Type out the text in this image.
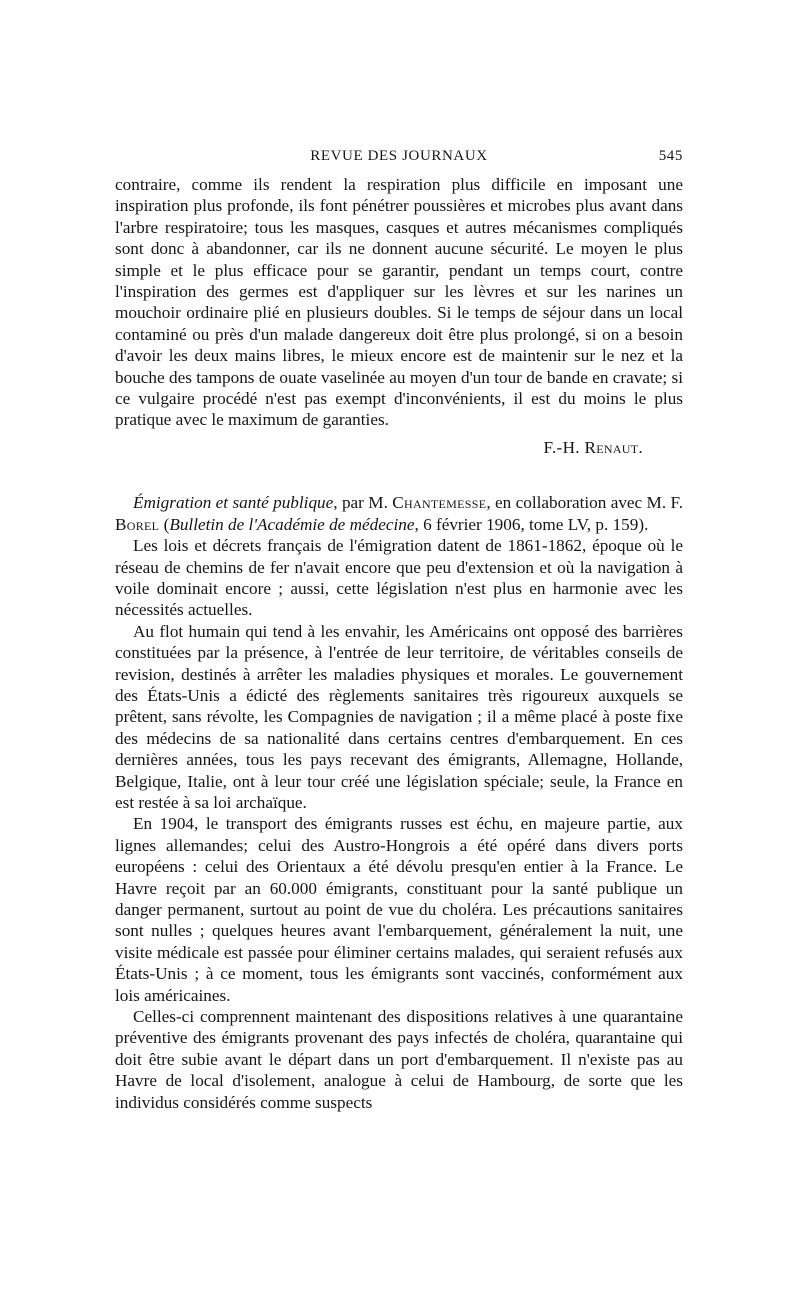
REVUE DES JOURNAUX	545

contraire, comme ils rendent la respiration plus difficile en imposant une inspiration plus profonde, ils font pénétrer poussières et microbes plus avant dans l'arbre respiratoire; tous les masques, casques et autres mécanismes compliqués sont donc à abandonner, car ils ne donnent aucune sécurité. Le moyen le plus simple et le plus efficace pour se garantir, pendant un temps court, contre l'inspiration des germes est d'appliquer sur les lèvres et sur les narines un mouchoir ordinaire plié en plusieurs doubles. Si le temps de séjour dans un local contaminé ou près d'un malade dangereux doit être plus prolongé, si on a besoin d'avoir les deux mains libres, le mieux encore est de maintenir sur le nez et la bouche des tampons de ouate vaselinée au moyen d'un tour de bande en cravate; si ce vulgaire procédé n'est pas exempt d'inconvénients, il est du moins le plus pratique avec le maximum de garanties.

F.-H. Renaut.

Émigration et santé publique, par M. Chantemesse, en collaboration avec M. F. Borel (Bulletin de l'Académie de médecine, 6 février 1906, tome LV, p. 159).

Les lois et décrets français de l'émigration datent de 1861-1862, époque où le réseau de chemins de fer n'avait encore que peu d'extension et où la navigation à voile dominait encore ; aussi, cette législation n'est plus en harmonie avec les nécessités actuelles.

Au flot humain qui tend à les envahir, les Américains ont opposé des barrières constituées par la présence, à l'entrée de leur territoire, de véritables conseils de revision, destinés à arrêter les maladies physiques et morales. Le gouvernement des États-Unis a édicté des règlements sanitaires très rigoureux auxquels se prêtent, sans révolte, les Compagnies de navigation ; il a même placé à poste fixe des médecins de sa nationalité dans certains centres d'embarquement. En ces dernières années, tous les pays recevant des émigrants, Allemagne, Hollande, Belgique, Italie, ont à leur tour créé une législation spéciale; seule, la France en est restée à sa loi archaïque.

En 1904, le transport des émigrants russes est échu, en majeure partie, aux lignes allemandes; celui des Austro-Hongrois a été opéré dans divers ports européens : celui des Orientaux a été dévolu presqu'en entier à la France. Le Havre reçoit par an 60.000 émigrants, constituant pour la santé publique un danger permanent, surtout au point de vue du choléra. Les précautions sanitaires sont nulles ; quelques heures avant l'embarquement, généralement la nuit, une visite médicale est passée pour éliminer certains malades, qui seraient refusés aux États-Unis ; à ce moment, tous les émigrants sont vaccinés, conformément aux lois américaines.

Celles-ci comprennent maintenant des dispositions relatives à une quarantaine préventive des émigrants provenant des pays infectés de choléra, quarantaine qui doit être subie avant le départ dans un port d'embarquement. Il n'existe pas au Havre de local d'isolement, analogue à celui de Hambourg, de sorte que les individus considérés comme suspects
